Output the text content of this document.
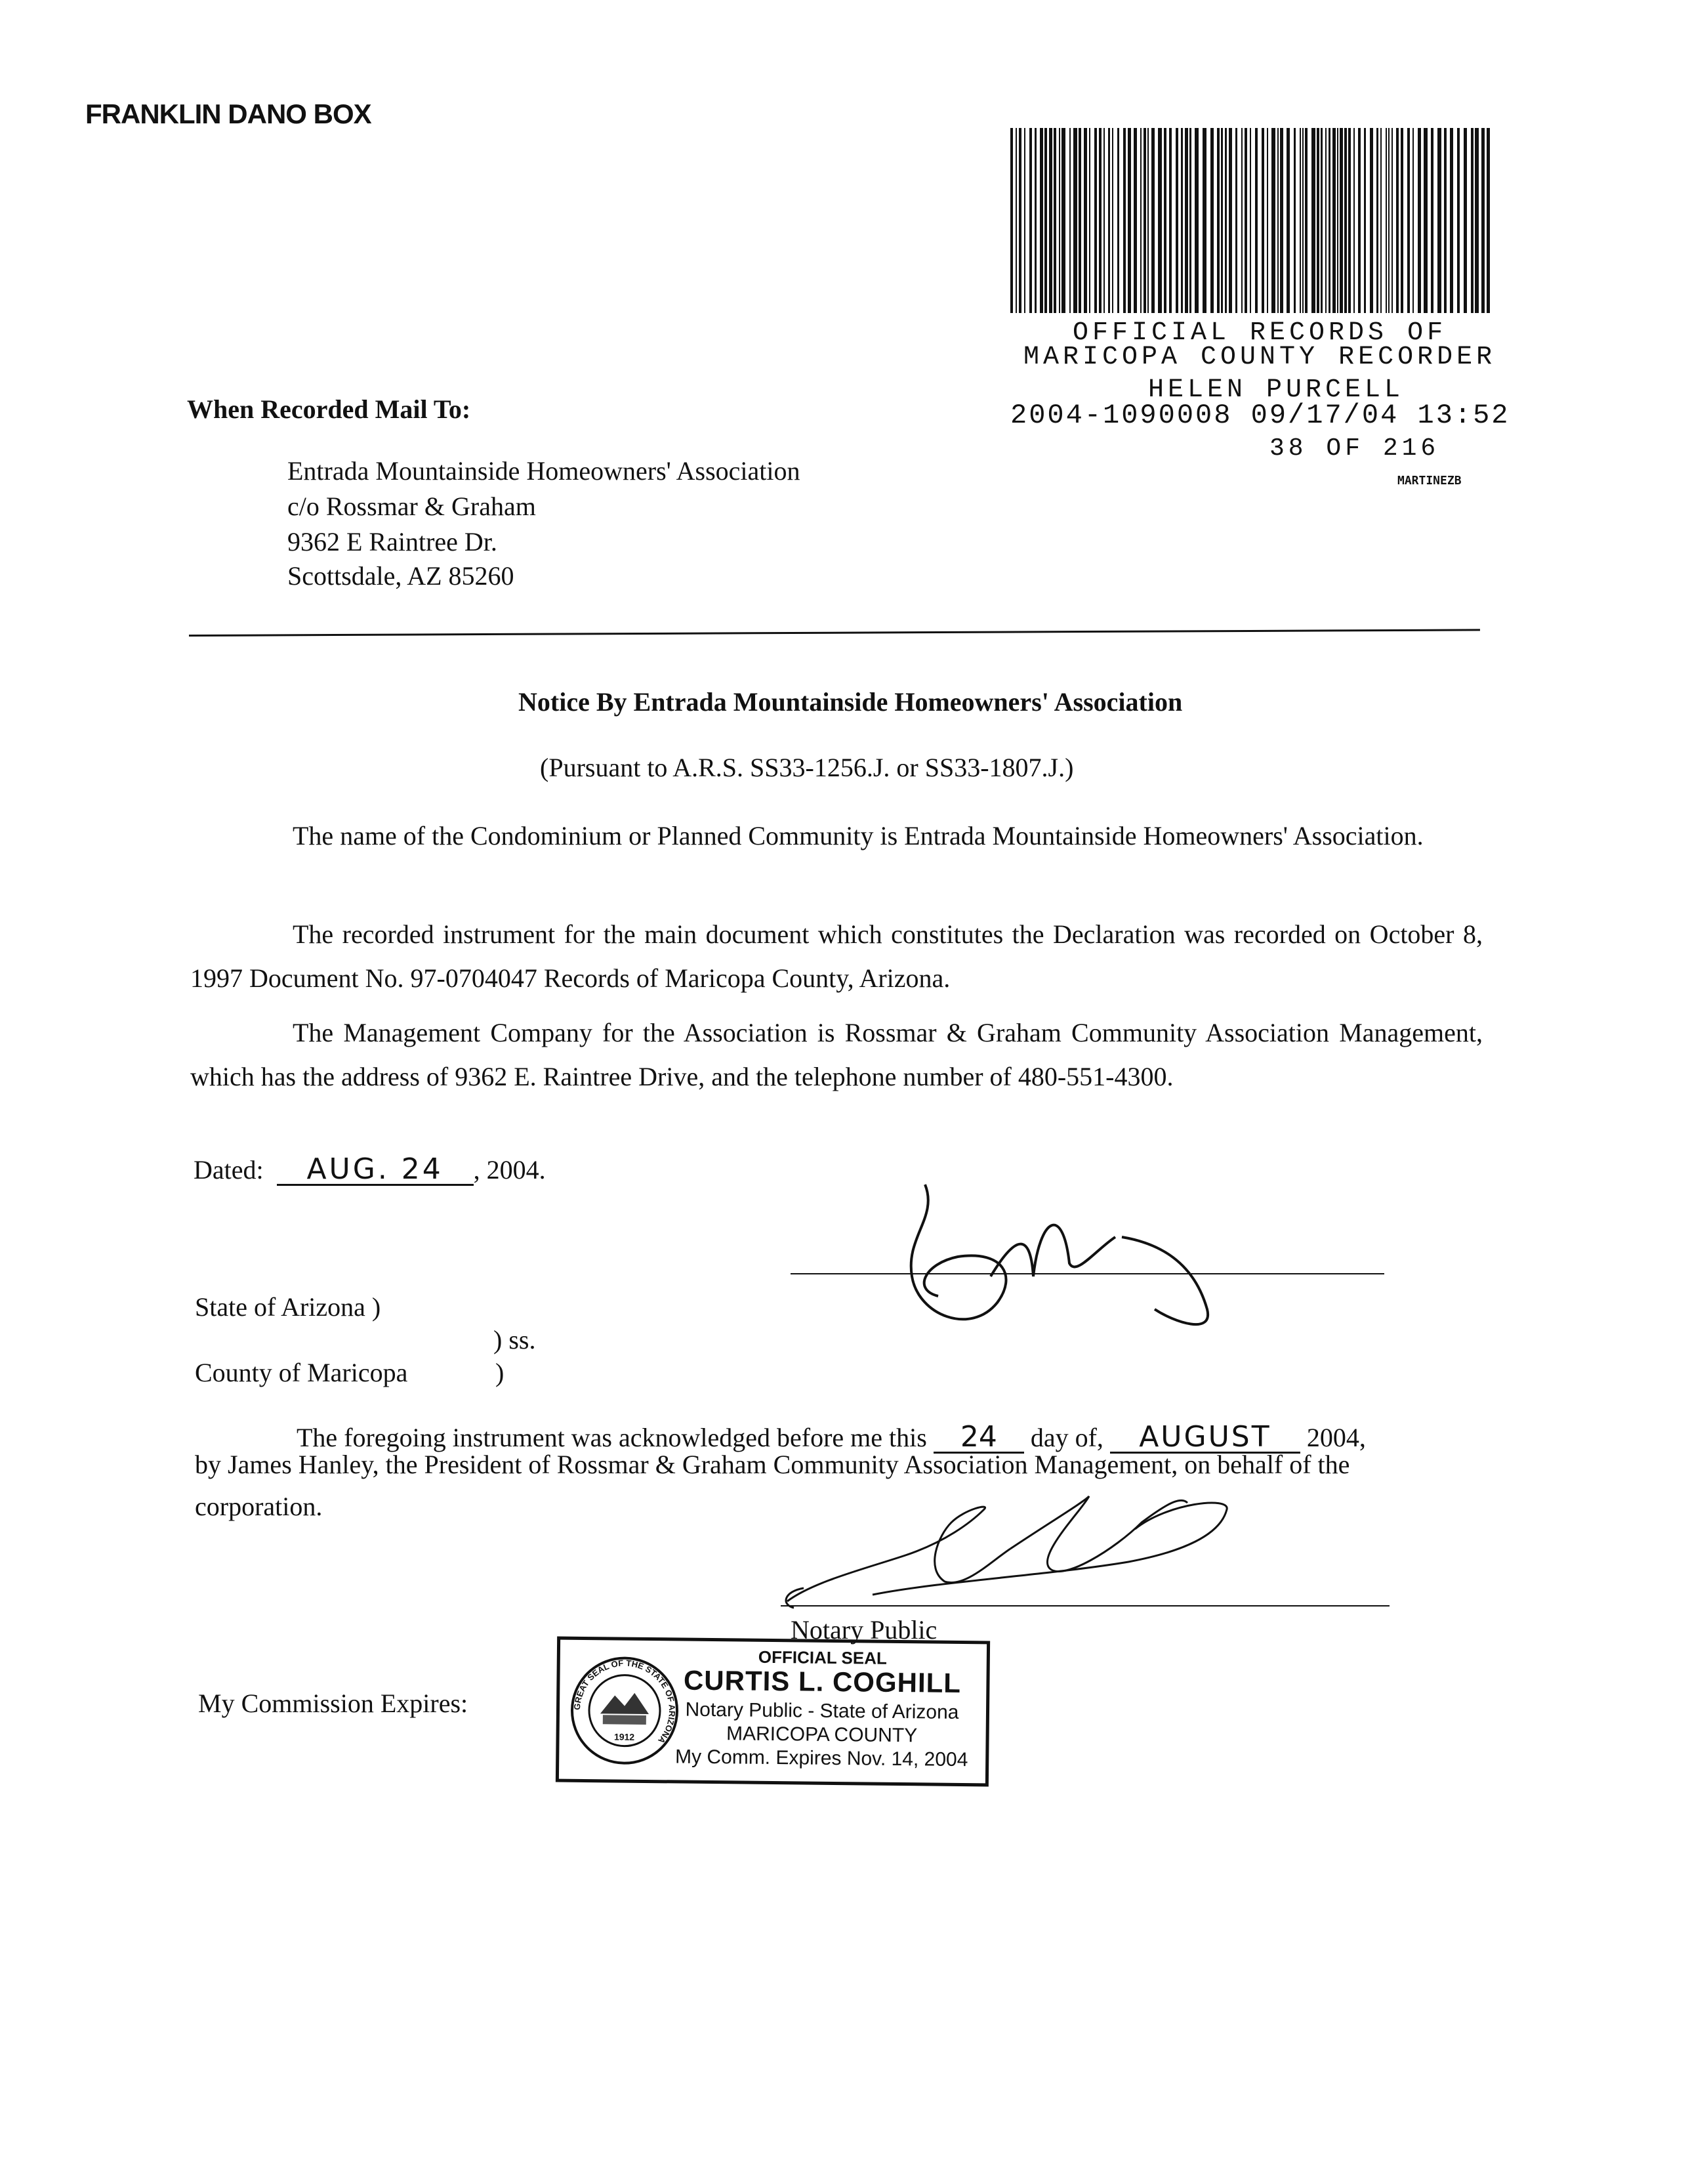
FRANKLIN DANO BOX
OFFICIAL RECORDS OF
MARICOPA COUNTY RECORDER
HELEN PURCELL
2004-1090008 09/17/04 13:52
38 OF 216
MARTINEZB
When Recorded Mail To:
Entrada Mountainside Homeowners' Association
c/o Rossmar & Graham
9362 E Raintree Dr.
Scottsdale, AZ 85260
Notice By Entrada Mountainside Homeowners' Association
(Pursuant to A.R.S. SS33-1256.J. or SS33-1807.J.)
The name of the Condominium or Planned Community is Entrada Mountainside Homeowners' Association.
The recorded instrument for the main document which constitutes the Declaration was recorded on October 8, 1997 Document No. 97-0704047 Records of Maricopa County, Arizona.
The Management Company for the Association is Rossmar & Graham Community Association Management, which has the address of 9362 E. Raintree Drive, and the telephone number of 480-551-4300.
Dated: AUG. 24 , 2004.
State of Arizona )
) ss.
County of Maricopa	)
The foregoing instrument was acknowledged before me this 24 day of, AUGUST 2004,
by James Hanley, the President of Rossmar & Graham Community Association Management, on behalf of the
corporation.
Notary Public
My Commission Expires:	GREAT SEAL OF THE STATE OF ARIZONA
1912
OFFICIAL SEAL
CURTIS L. COGHILL
Notary Public - State of Arizona
MARICOPA COUNTY
My Comm. Expires Nov. 14, 2004
